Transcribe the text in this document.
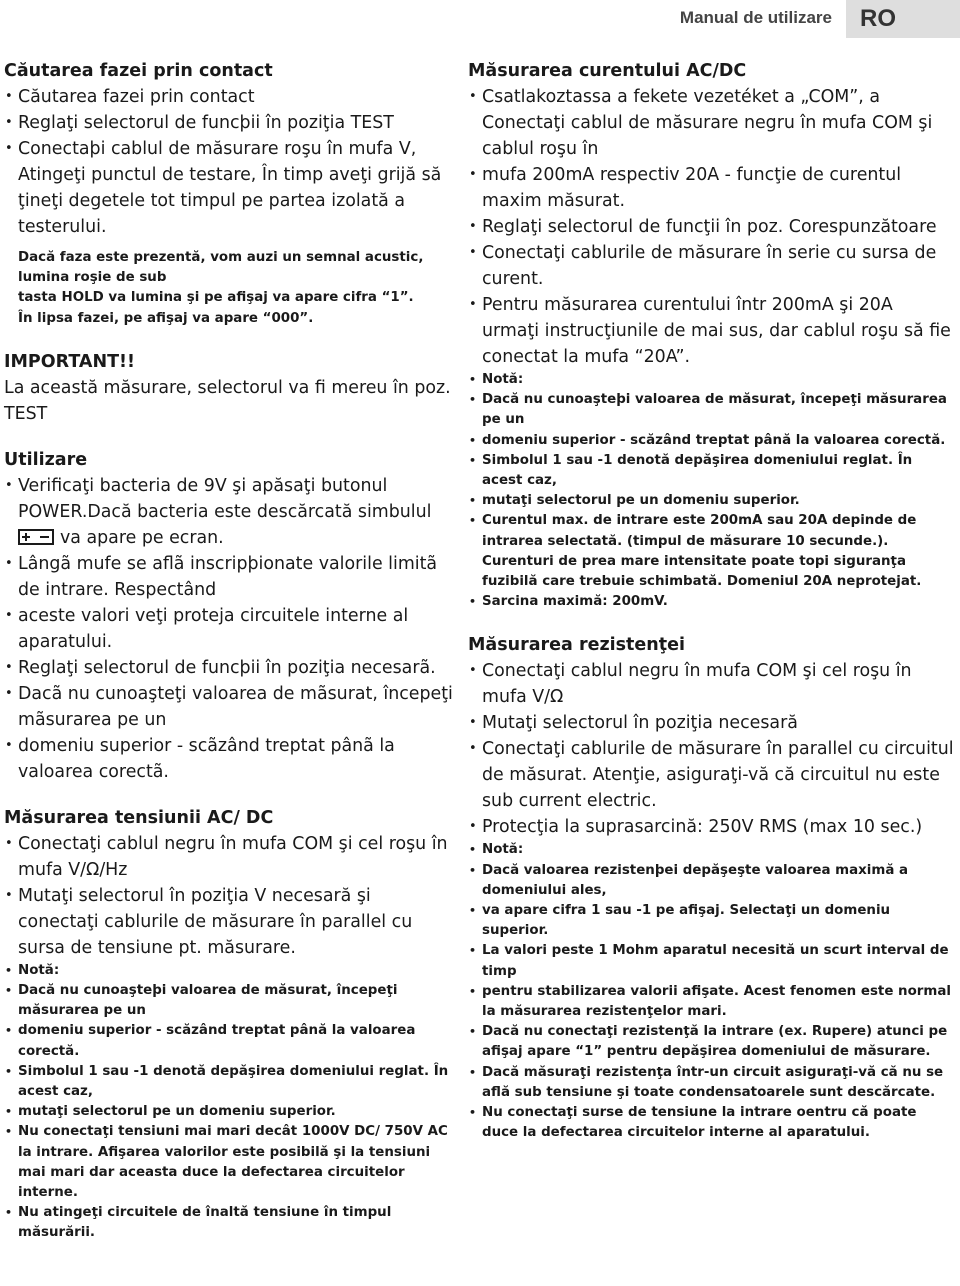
Manual de utilizare	RO
Căutarea fazei prin contact
• Căutarea fazei prin contact
• Reglaţi selectorul de funcþii în poziţia TEST
• Conectaþi cablul de măsurare roşu în mufa V, Atingeţi punctul de testare, În timp aveţi grijă să ţineţi degetele tot timpul pe partea izolată a testerului.
Dacă faza este prezentă, vom auzi un semnal acustic,
lumina roşie de sub
tasta HOLD va lumina şi pe afişaj va apare cifra “1”.
În lipsa fazei, pe afişaj va apare “000”.
IMPORTANT!!
La această măsurare, selectorul va fi mereu în poz. TEST
Utilizare
• Verificaţi bacteria de 9V şi apăsaţi butonul POWER.Dacă bacteria este descărcată simbulul
va apare pe ecran.
• Lângã mufe se aflã inscripþionate valorile limitã de intrare. Respectând
• aceste valori veţi proteja circuitele interne al aparatului.
• Reglaţi selectorul de funcþii în poziţia necesarã.
• Dacã nu cunoaşteţi valoarea de mãsurat, începeţi mãsurarea pe un
• domeniu superior - scãzând treptat pânã la valoarea corectã.
Măsurarea tensiunii AC/ DC
• Conectaţi cablul negru în mufa COM şi cel roşu în mufa V/Ω/Hz
• Mutaţi selectorul în poziţia V necesară şi conectaţi cablurile de măsurare în parallel cu sursa de tensiune pt. măsurare.
• Notă:
• Dacă nu cunoaşteþi valoarea de măsurat, începeţi măsurarea pe un
• domeniu superior - scăzând treptat până la valoarea corectă.
• Simbolul 1 sau -1 denotă depăşirea domeniului reglat. În acest caz,
• mutaţi selectorul pe un domeniu superior.
• Nu conectaţi tensiuni mai mari decât 1000V DC/ 750V AC la intrare. Afişarea valorilor este posibilă şi la tensiuni mai mari dar aceasta duce la defectarea circuitelor interne.
• Nu atingeţi circuitele de înaltă tensiune în timpul măsurării.
Măsurarea curentului AC/DC
• Csatlakoztassa a fekete vezetéket a „COM”, a Conectaţi cablul de măsurare negru în mufa COM şi cablul roşu în
• mufa 200mA respectiv 20A - funcţie de curentul maxim măsurat.
• Reglaţi selectorul de funcţii în poz. Corespunzătoare
• Conectaţi cablurile de măsurare în serie cu sursa de curent.
• Pentru măsurarea curentului într 200mA şi 20A urmaţi instrucţiunile de mai sus, dar cablul roşu să fie conectat la mufa “20A”.
• Notă:
• Dacă nu cunoaşteþi valoarea de măsurat, începeţi măsurarea pe un
• domeniu superior - scăzând treptat până la valoarea corectă.
• Simbolul 1 sau -1 denotă depăşirea domeniului reglat. În acest caz,
• mutaţi selectorul pe un domeniu superior.
• Curentul max. de intrare este 200mA sau 20A depinde de intrarea selectată. (timpul de măsurare 10 secunde.). Curenturi de prea mare intensitate poate topi siguranţa fuzibilă care trebuie schimbată. Domeniul 20A neprotejat.
• Sarcina maximă: 200mV.
Măsurarea rezistenţei
• Conectaţi cablul negru în mufa COM şi cel roşu în mufa V/Ω
• Mutaţi selectorul în poziţia necesară
• Conectaţi cablurile de măsurare în parallel cu circuitul de măsurat. Atenţie, asiguraţi-vă că circuitul nu este sub current electric.
• Protecţia la suprasarcină: 250V RMS (max 10 sec.)
• Notă:
• Dacă valoarea rezistenþei depăşeşte valoarea maximă a domeniului ales,
• va apare cifra 1 sau -1 pe afişaj. Selectaţi un domeniu superior.
• La valori peste 1 Mohm aparatul necesită un scurt interval de timp
• pentru stabilizarea valorii afişate. Acest fenomen este normal la măsurarea rezistenţelor mari.
• Dacă nu conectaţi rezistenţă la intrare (ex. Rupere) atunci pe afişaj apare “1” pentru depăşirea domeniului de măsurare.
• Dacă măsuraţi rezistenţa într-un circuit asiguraţi-vă că nu se află sub tensiune şi toate condensatoarele sunt descărcate.
• Nu conectaţi surse de tensiune la intrare oentru că poate duce la defectarea circuitelor interne al aparatului.
